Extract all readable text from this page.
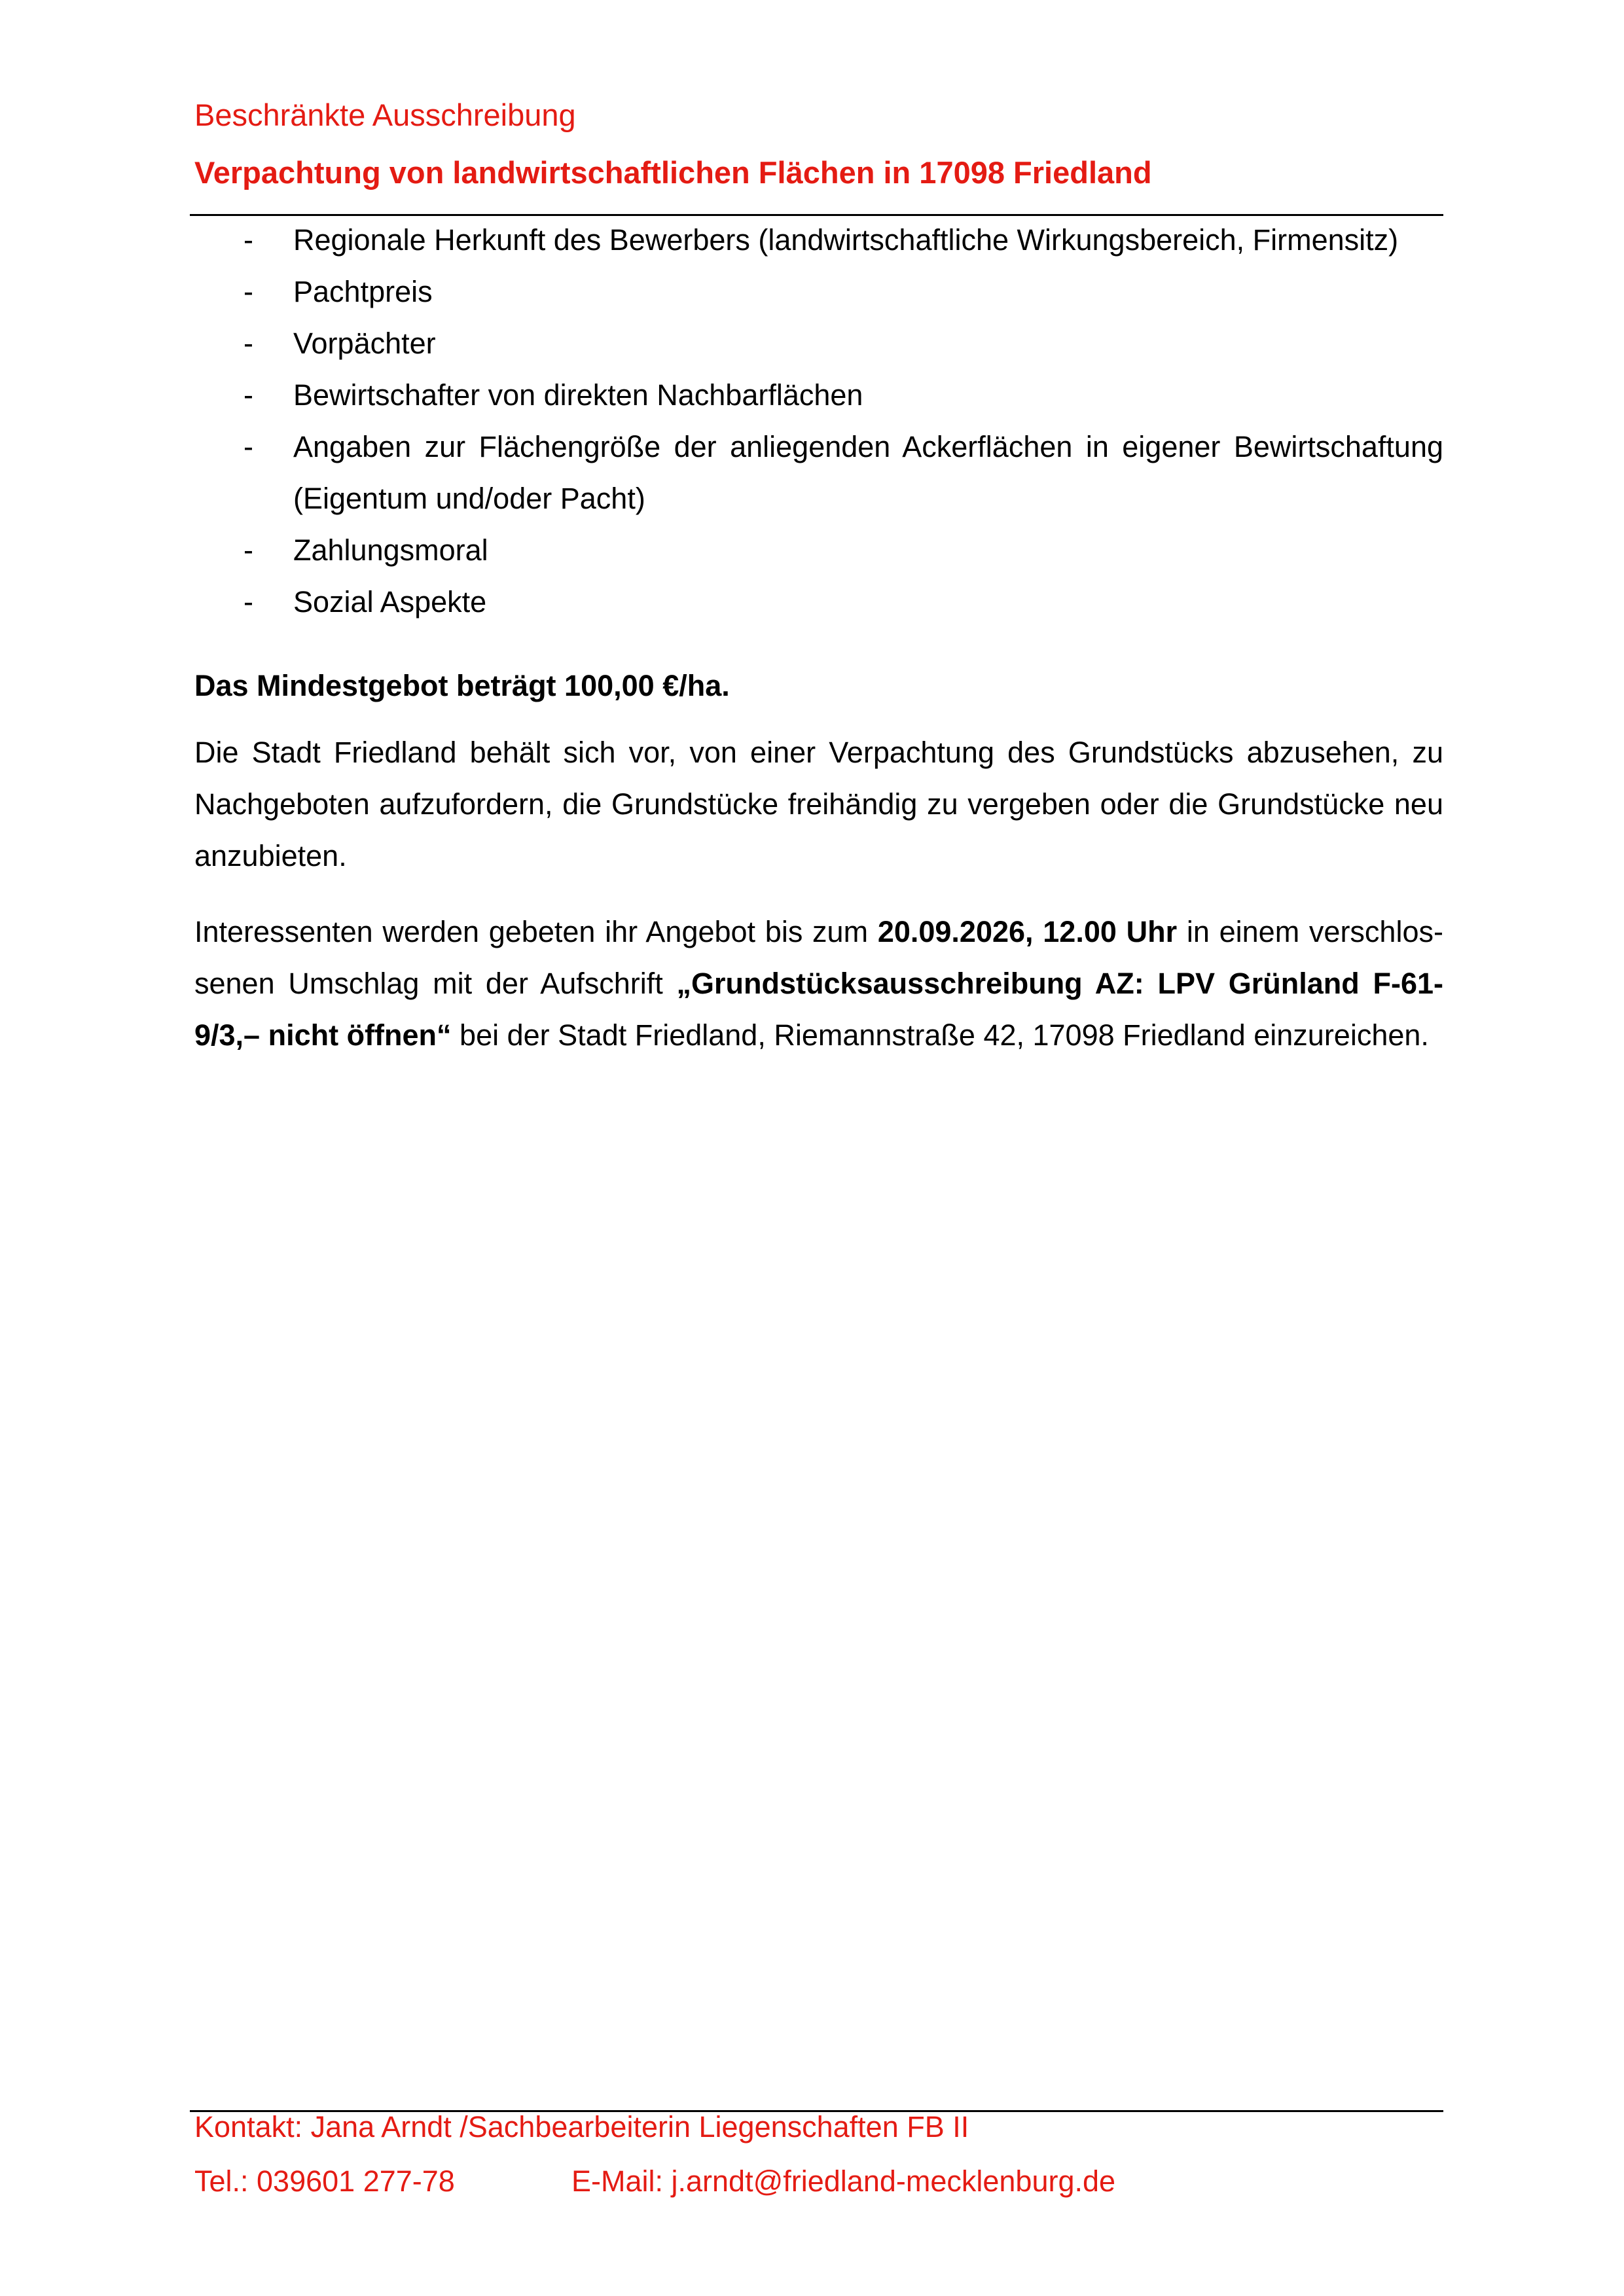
Beschränkte Ausschreibung
Verpachtung von landwirtschaftlichen Flächen in 17098 Friedland
- Regionale Herkunft des Bewerbers (landwirtschaftliche Wirkungsbereich, Firmensitz)
- Pachtpreis
- Vorpächter
- Bewirtschafter von direkten Nachbarflächen
- Angaben zur Flächengröße der anliegenden Ackerflächen in eigener Bewirtschaftung (Eigentum und/oder Pacht)
- Zahlungsmoral
- Sozial Aspekte

Das Mindestgebot beträgt 100,00 €/ha.

Die Stadt Friedland behält sich vor, von einer Verpachtung des Grundstücks abzusehen, zu Nachgeboten aufzufordern, die Grundstücke freihändig zu vergeben oder die Grundstücke neu anzubieten.

Interessenten werden gebeten ihr Angebot bis zum 20.09.2026, 12.00 Uhr in einem verschlossenen Umschlag mit der Aufschrift „Grundstücksausschreibung AZ: LPV Grünland F-61-9/3,– nicht öffnen“ bei der Stadt Friedland, Riemannstraße 42, 17098 Friedland einzureichen.

Kontakt: Jana Arndt /Sachbearbeiterin Liegenschaften FB II
Tel.: 039601 277-78	E-Mail: j.arndt@friedland-mecklenburg.de
